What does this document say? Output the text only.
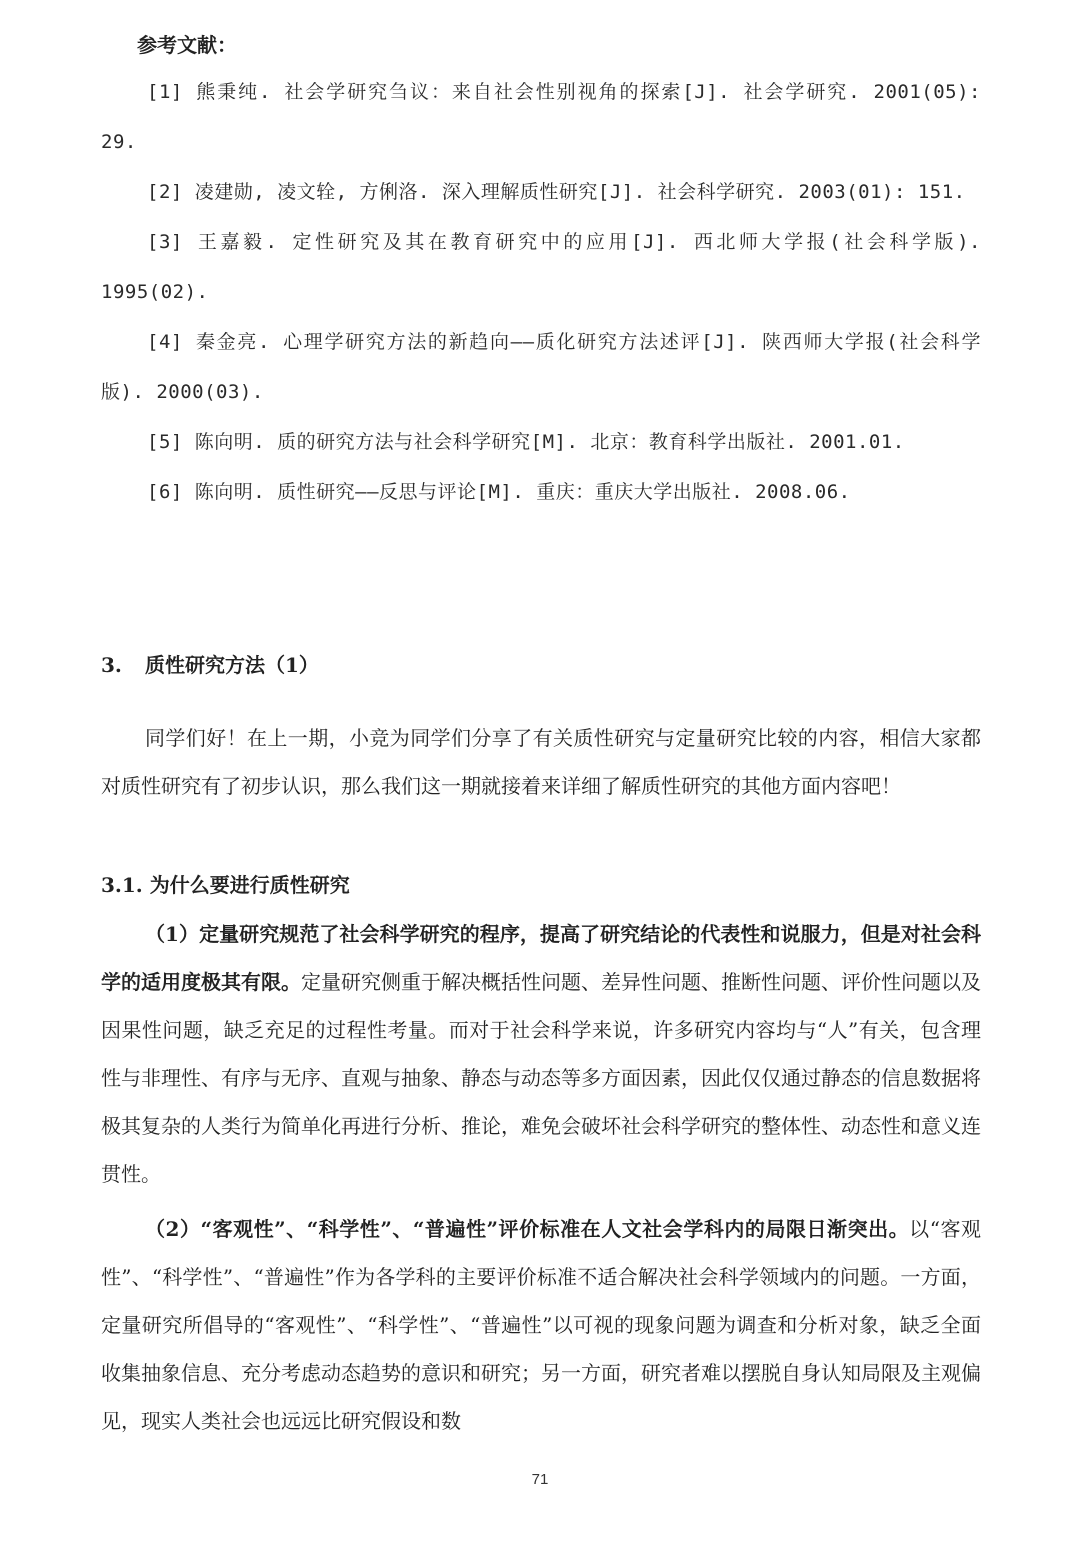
参考文献：
[1] 熊秉纯. 社会学研究刍议：来自社会性别视角的探索[J]. 社会学研究. 2001(05): 29.
[2] 凌建勋, 凌文辁, 方俐洛. 深入理解质性研究[J]. 社会科学研究. 2003(01): 151.
[3] 王嘉毅. 定性研究及其在教育研究中的应用[J]. 西北师大学报(社会科学版). 1995(02).
[4] 秦金亮. 心理学研究方法的新趋向——质化研究方法述评[J]. 陕西师大学报(社会科学版). 2000(03).
[5] 陈向明. 质的研究方法与社会科学研究[M]. 北京：教育科学出版社. 2001.01.
[6] 陈向明. 质性研究——反思与评论[M]. 重庆：重庆大学出版社. 2008.06.
3. 质性研究方法（1）
同学们好！在上一期，小竞为同学们分享了有关质性研究与定量研究比较的内容，相信大家都对质性研究有了初步认识，那么我们这一期就接着来详细了解质性研究的其他方面内容吧！
3.1. 为什么要进行质性研究
（1）定量研究规范了社会科学研究的程序，提高了研究结论的代表性和说服力，但是对社会科学的适用度极其有限。定量研究侧重于解决概括性问题、差异性问题、推断性问题、评价性问题以及因果性问题，缺乏充足的过程性考量。而对于社会科学来说，许多研究内容均与“人”有关，包含理性与非理性、有序与无序、直观与抽象、静态与动态等多方面因素，因此仅仅通过静态的信息数据将极其复杂的人类行为简单化再进行分析、推论，难免会破坏社会科学研究的整体性、动态性和意义连贯性。
（2）“客观性”、“科学性”、“普遍性”评价标准在人文社会学科内的局限日渐突出。以“客观性”、“科学性”、“普遍性”作为各学科的主要评价标准不适合解决社会科学领域内的问题。一方面，定量研究所倡导的“客观性”、“科学性”、“普遍性”以可视的现象问题为调查和分析对象，缺乏全面收集抽象信息、充分考虑动态趋势的意识和研究；另一方面，研究者难以摆脱自身认知局限及主观偏见，现实人类社会也远远比研究假设和数
71
